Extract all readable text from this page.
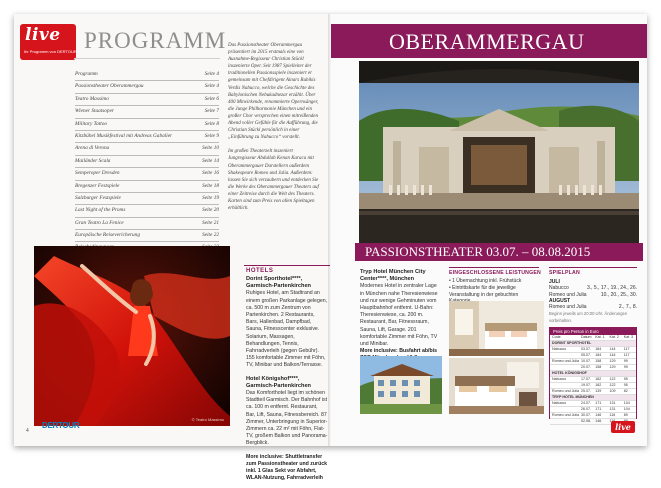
live
Ihr Programm von DERTOUR PROGRAMM
Programm	Seite 4
Passionstheater Oberammergau	Seite 4
Teatro Massimo	Seite 6
Wiener Staatsoper	Seite 7
Military Tattoo	Seite 8
Kitzbühel Musikfestival mit Andreas Gabalier	Seite 9
Arena di Verona	Seite 10
Mailänder Scala	Seite 14
Semperoper Dresden	Seite 16
Bregenzer Festspiele	Seite 18
Salzburger Festspiele	Seite 19
Last Night of the Proms	Seite 20
Gran Teatro La Fenice	Seite 21
Europäische Reisevericherung	Seite 22

Das Passionstheater Oberammergau präsentiert im 2015 erstmals eine von Ausnahme-Regisseur Christian Stückl inszenierte Oper. Seit 1987 Spielleiter der traditionellen Passionsspiele inszeniert er gemeinsam mit Chefdirigent Ainars Rubikis Verdis Nabucco, welche die Geschichte des Babylonischen Nebukadnezar erzählt. Über 400 Mitwirkende, renommierte Opernsänger, die Junge Philharmonie München und ein großer Chor versprechen einen mitreißenden Abend voller Gefühle für die Aufführung, die Christian Stückl persönlich in einer „Einführung zu Nabucco“ vorstellt.

Im großen Theaterzelt inszeniert Jungregisseur Abdullah Kenan Karaca mit Oberammergauer Darstellern außerdem Shakespeare Romeo und Julia. Außerdem: lassen Sie sich verzaubern und entdecken Sie die Werke des Oberammergauer Theaters auf einer Zeitreise durch die Welt des Theaters. Karten sind zum Preis von allen Spieltagen erhältlich.

© Teatro Massimo
HOTELS
Dorint Sporthotel****, Garmisch-Partenkirchen

Ruhiges Hotel, am Stadtrand an einem großen Parkanlage gelegen, ca. 500 m zum Zentrum von Partenkirchen. 2 Restaurants, Bars, Hallenbad, Dampfbad, Sauna, Fitnesscenter exklusive. Solarium, Massagen, Behandlungen, Tennis, Fahrradverleih (gegen Gebühr). 155 komfortable Zimmer mit Föhn, TV, Minibar und Balkon/Terrasse.

Hotel Königshof****, Garmisch-Partenkirchen

Das Komforthotel liegt im schönen Stadtteil Garmisch. Der Bahnhof ist ca. 100 m entfernt. Restaurant, Bar, Lift, Sauna, Fitnessbereich. 87 Zimmer, Unterbringung in Superior-Zimmern ca. 22 m² mit Föhn, Flat-TV, großem Balkon und Panorama-Bergblick.

More inclusive: Shuttletransfer zum Passionstheater und zurück inkl. 1 Glas Sekt vor Abfahrt, WLAN-Nutzung, Fahrradverleih

4
DERTOUR
OBERAMMERGAU
PASSIONSTHEATER 03.07. – 08.08.2015
Tryp Hotel München City Center****, München

Modernes Hotel in zentraler Lage in München nahe Theresienwiese und nur wenige Gehminuten vom Hauptbahnhof entfernt. U-Bahn: Theresienwiese, ca. 200 m. Restaurant, Bar, Fitnessraum, Sauna, Lift, Garage. 201 komfortable Zimmer mit Föhn, TV und Minibar.

More inclusive: Busfahrt ab/bis

EINGESCHLOSSENE LEISTUNGEN
• 1 Übernachtung inkl. Frühstück
• Eintrittskarte für die jeweilige Veranstaltung in der gebuchten
•
SPIELPLAN
JULI
Nabucco	3., 5., 17., 19., 24., 26.
Romeo und Julia	10., 20., 25., 30.
AUGUST
Romeo und Julia	2., 7., 8.
Beginn jeweils um 20:00 Uhr. Änderungen vorbehalten.
Preis pro Person in Euro
Code	Datum	Kat. 1	Kat. 2	Kat. 3
DORINT SPORTHOTEL
Nabucco	03.07.	184	144	117
05.07.	184	144	117
Romeo und Julia 10.07.	158	129	99
20.07.	158	129	99
HOTEL KÖNIGSHOF
Nabucco	17.07.	162	122	95
19.07.	162	122	95
Romeo und Julia 25.07.	139	109	82
TRYP HOTEL MÜNCHEN
Nabucco	24.07.	171	131	104
26.07.	171	131	104
Romeo und Julia 30.07.	146	116	89
02.08.	146
live
